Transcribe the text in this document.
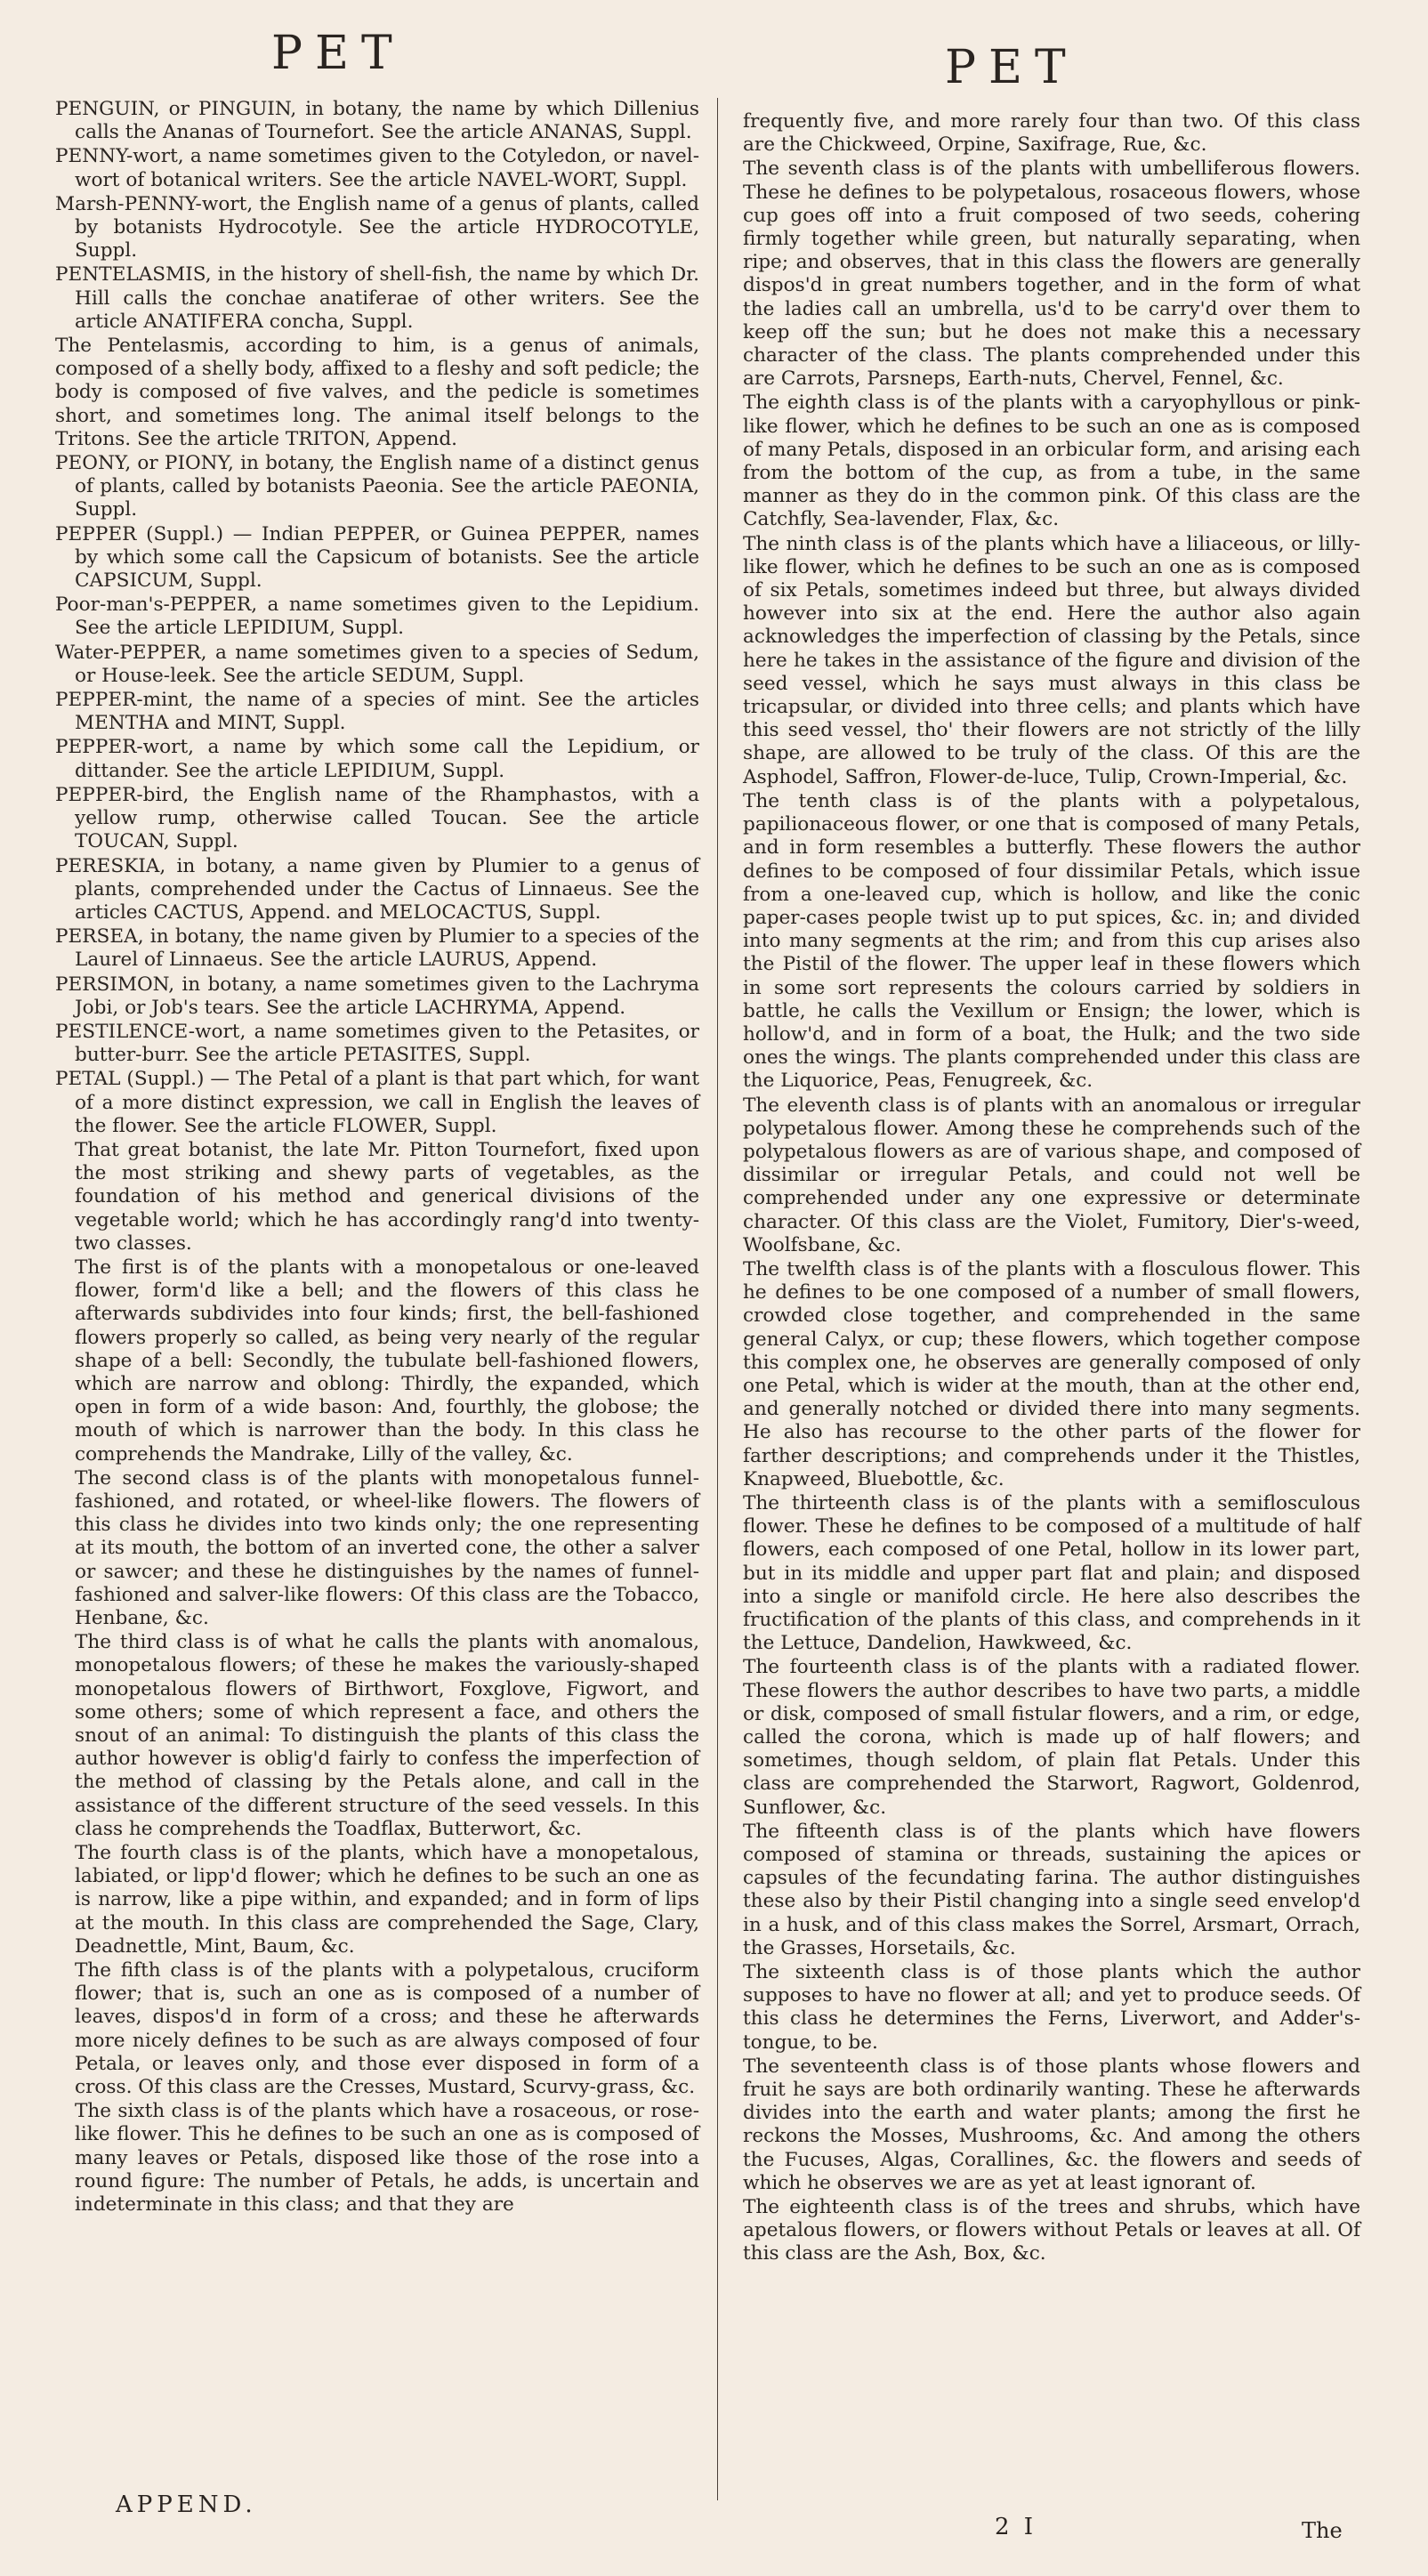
PET	PET

PENGUIN, or PINGUIN, in botany, the name by which Dillenius calls the Ananas of Tournefort. See the article ANANAS, Suppl.

PENNY-wort, a name sometimes given to the Cotyledon, or navel-wort of botanical writers. See the article NAVEL-WORT, Suppl.

Marsh-PENNY-wort, the English name of a genus of plants, called by botanists Hydrocotyle. See the article HYDROCOTYLE, Suppl.

PENTELASMIS, in the history of shell-fish, the name by which Dr. Hill calls the conchae anatiferae of other writers. See the article ANATIFERA concha, Suppl.

The Pentelasmis, according to him, is a genus of animals, composed of a shelly body, affixed to a fleshy and soft pedicle; the body is composed of five valves, and the pedicle is sometimes short, and sometimes long. The animal itself belongs to the Tritons. See the article TRITON, Append.

PEONY, or PIONY, in botany, the English name of a distinct genus of plants, called by botanists Paeonia. See the article PAEONIA, Suppl.

PEPPER (Suppl.) — Indian PEPPER, or Guinea PEPPER, names by which some call the Capsicum of botanists. See the article CAPSICUM, Suppl.

Poor-man's-PEPPER, a name sometimes given to the Lepidium. See the article LEPIDIUM, Suppl.

Water-PEPPER, a name sometimes given to a species of Sedum, or House-leek. See the article SEDUM, Suppl.

PEPPER-mint, the name of a species of mint. See the articles MENTHA and MINT, Suppl.

PEPPER-wort, a name by which some call the Lepidium, or dittander. See the article LEPIDIUM, Suppl.

PEPPER-bird, the English name of the Rhamphastos, with a yellow rump, otherwise called Toucan. See the article TOUCAN, Suppl.

PERESKIA, in botany, a name given by Plumier to a genus of plants, comprehended under the Cactus of Linnaeus. See the articles CACTUS, Append. and MELOCACTUS, Suppl.

PERSEA, in botany, the name given by Plumier to a species of the Laurel of Linnaeus. See the article LAURUS, Append.

PERSIMON, in botany, a name sometimes given to the Lachryma Jobi, or Job's tears. See the article LACHRYMA, Append.

PESTILENCE-wort, a name sometimes given to the Petasites, or butter-burr. See the article PETASITES, Suppl.

PETAL (Suppl.) — The Petal of a plant is that part which, for want of a more distinct expression, we call in English the leaves of the flower. See the article FLOWER, Suppl.

That great botanist, the late Mr. Pitton Tournefort, fixed upon the most striking and shewy parts of vegetables, as the foundation of his method and generical divisions of the vegetable world; which he has accordingly rang'd into twenty-two classes.

The first is of the plants with a monopetalous or one-leaved flower, form'd like a bell; and the flowers of this class he afterwards subdivides into four kinds; first, the bell-fashioned flowers properly so called, as being very nearly of the regular shape of a bell: Secondly, the tubulate bell-fashioned flowers, which are narrow and oblong: Thirdly, the expanded, which open in form of a wide bason: And, fourthly, the globose; the mouth of which is narrower than the body. In this class he comprehends the Mandrake, Lilly of the valley, &c.

The second class is of the plants with monopetalous funnel-fashioned, and rotated, or wheel-like flowers. The flowers of this class he divides into two kinds only; the one representing at its mouth, the bottom of an inverted cone, the other a salver or sawcer; and these he distinguishes by the names of funnel-fashioned and salver-like flowers: Of this class are the Tobacco, Henbane, &c.

The third class is of what he calls the plants with anomalous, monopetalous flowers; of these he makes the variously-shaped monopetalous flowers of Birthwort, Foxglove, Figwort, and some others; some of which represent a face, and others the snout of an animal: To distinguish the plants of this class the author however is oblig'd fairly to confess the imperfection of the method of classing by the Petals alone, and call in the assistance of the different structure of the seed vessels. In this class he comprehends the Toadflax, Butterwort, &c.

The fourth class is of the plants, which have a monopetalous, labiated, or lipp'd flower; which he defines to be such an one as is narrow, like a pipe within, and expanded; and in form of lips at the mouth. In this class are comprehended the Sage, Clary, Deadnettle, Mint, Baum, &c.

The fifth class is of the plants with a polypetalous, cruciform flower; that is, such an one as is composed of a number of leaves, dispos'd in form of a cross; and these he afterwards more nicely defines to be such as are always composed of four Petala, or leaves only, and those ever disposed in form of a cross. Of this class are the Cresses, Mustard, Scurvy-grass, &c.

The sixth class is of the plants which have a rosaceous, or rose-like flower. This he defines to be such an one as is composed of many leaves or Petals, disposed like those of the rose into a round figure: The number of Petals, he adds, is uncertain and indeterminate in this class; and that they are

frequently five, and more rarely four than two. Of this class are the Chickweed, Orpine, Saxifrage, Rue, &c.

The seventh class is of the plants with umbelliferous flowers. These he defines to be polypetalous, rosaceous flowers, whose cup goes off into a fruit composed of two seeds, cohering firmly together while green, but naturally separating, when ripe; and observes, that in this class the flowers are generally dispos'd in great numbers together, and in the form of what the ladies call an umbrella, us'd to be carry'd over them to keep off the sun; but he does not make this a necessary character of the class. The plants comprehended under this are Carrots, Parsneps, Earth-nuts, Chervel, Fennel, &c.

The eighth class is of the plants with a caryophyllous or pink-like flower, which he defines to be such an one as is composed of many Petals, disposed in an orbicular form, and arising each from the bottom of the cup, as from a tube, in the same manner as they do in the common pink. Of this class are the Catchfly, Sea-lavender, Flax, &c.

The ninth class is of the plants which have a liliaceous, or lilly-like flower, which he defines to be such an one as is composed of six Petals, sometimes indeed but three, but always divided however into six at the end. Here the author also again acknowledges the imperfection of classing by the Petals, since here he takes in the assistance of the figure and division of the seed vessel, which he says must always in this class be tricapsular, or divided into three cells; and plants which have this seed vessel, tho' their flowers are not strictly of the lilly shape, are allowed to be truly of the class. Of this are the Asphodel, Saffron, Flower-de-luce, Tulip, Crown-Imperial, &c.

The tenth class is of the plants with a polypetalous, papilionaceous flower, or one that is composed of many Petals, and in form resembles a butterfly. These flowers the author defines to be composed of four dissimilar Petals, which issue from a one-leaved cup, which is hollow, and like the conic paper-cases people twist up to put spices, &c. in; and divided into many segments at the rim; and from this cup arises also the Pistil of the flower. The upper leaf in these flowers which in some sort represents the colours carried by soldiers in battle, he calls the Vexillum or Ensign; the lower, which is hollow'd, and in form of a boat, the Hulk; and the two side ones the wings. The plants comprehended under this class are the Liquorice, Peas, Fenugreek, &c.

The eleventh class is of plants with an anomalous or irregular polypetalous flower. Among these he comprehends such of the polypetalous flowers as are of various shape, and composed of dissimilar or irregular Petals, and could not well be comprehended under any one expressive or determinate character. Of this class are the Violet, Fumitory, Dier's-weed, Woolfsbane, &c.

The twelfth class is of the plants with a flosculous flower. This he defines to be one composed of a number of small flowers, crowded close together, and comprehended in the same general Calyx, or cup; these flowers, which together compose this complex one, he observes are generally composed of only one Petal, which is wider at the mouth, than at the other end, and generally notched or divided there into many segments. He also has recourse to the other parts of the flower for farther descriptions; and comprehends under it the Thistles, Knapweed, Bluebottle, &c.

The thirteenth class is of the plants with a semiflosculous flower. These he defines to be composed of a multitude of half flowers, each composed of one Petal, hollow in its lower part, but in its middle and upper part flat and plain; and disposed into a single or manifold circle. He here also describes the fructification of the plants of this class, and comprehends in it the Lettuce, Dandelion, Hawkweed, &c.

The fourteenth class is of the plants with a radiated flower. These flowers the author describes to have two parts, a middle or disk, composed of small fistular flowers, and a rim, or edge, called the corona, which is made up of half flowers; and sometimes, though seldom, of plain flat Petals. Under this class are comprehended the Starwort, Ragwort, Goldenrod, Sunflower, &c.

The fifteenth class is of the plants which have flowers composed of stamina or threads, sustaining the apices or capsules of the fecundating farina. The author distinguishes these also by their Pistil changing into a single seed envelop'd in a husk, and of this class makes the Sorrel, Arsmart, Orrach, the Grasses, Horsetails, &c.

The sixteenth class is of those plants which the author supposes to have no flower at all; and yet to produce seeds. Of this class he determines the Ferns, Liverwort, and Adder's-tongue, to be.

The seventeenth class is of those plants whose flowers and fruit he says are both ordinarily wanting. These he afterwards divides into the earth and water plants; among the first he reckons the Mosses, Mushrooms, &c. And among the others the Fucuses, Algas, Corallines, &c. the flowers and seeds of which he observes we are as yet at least ignorant of.

The eighteenth class is of the trees and shrubs, which have apetalous flowers, or flowers without Petals or leaves at all. Of this class are the Ash, Box, &c.

APPEND.
2 I	The
